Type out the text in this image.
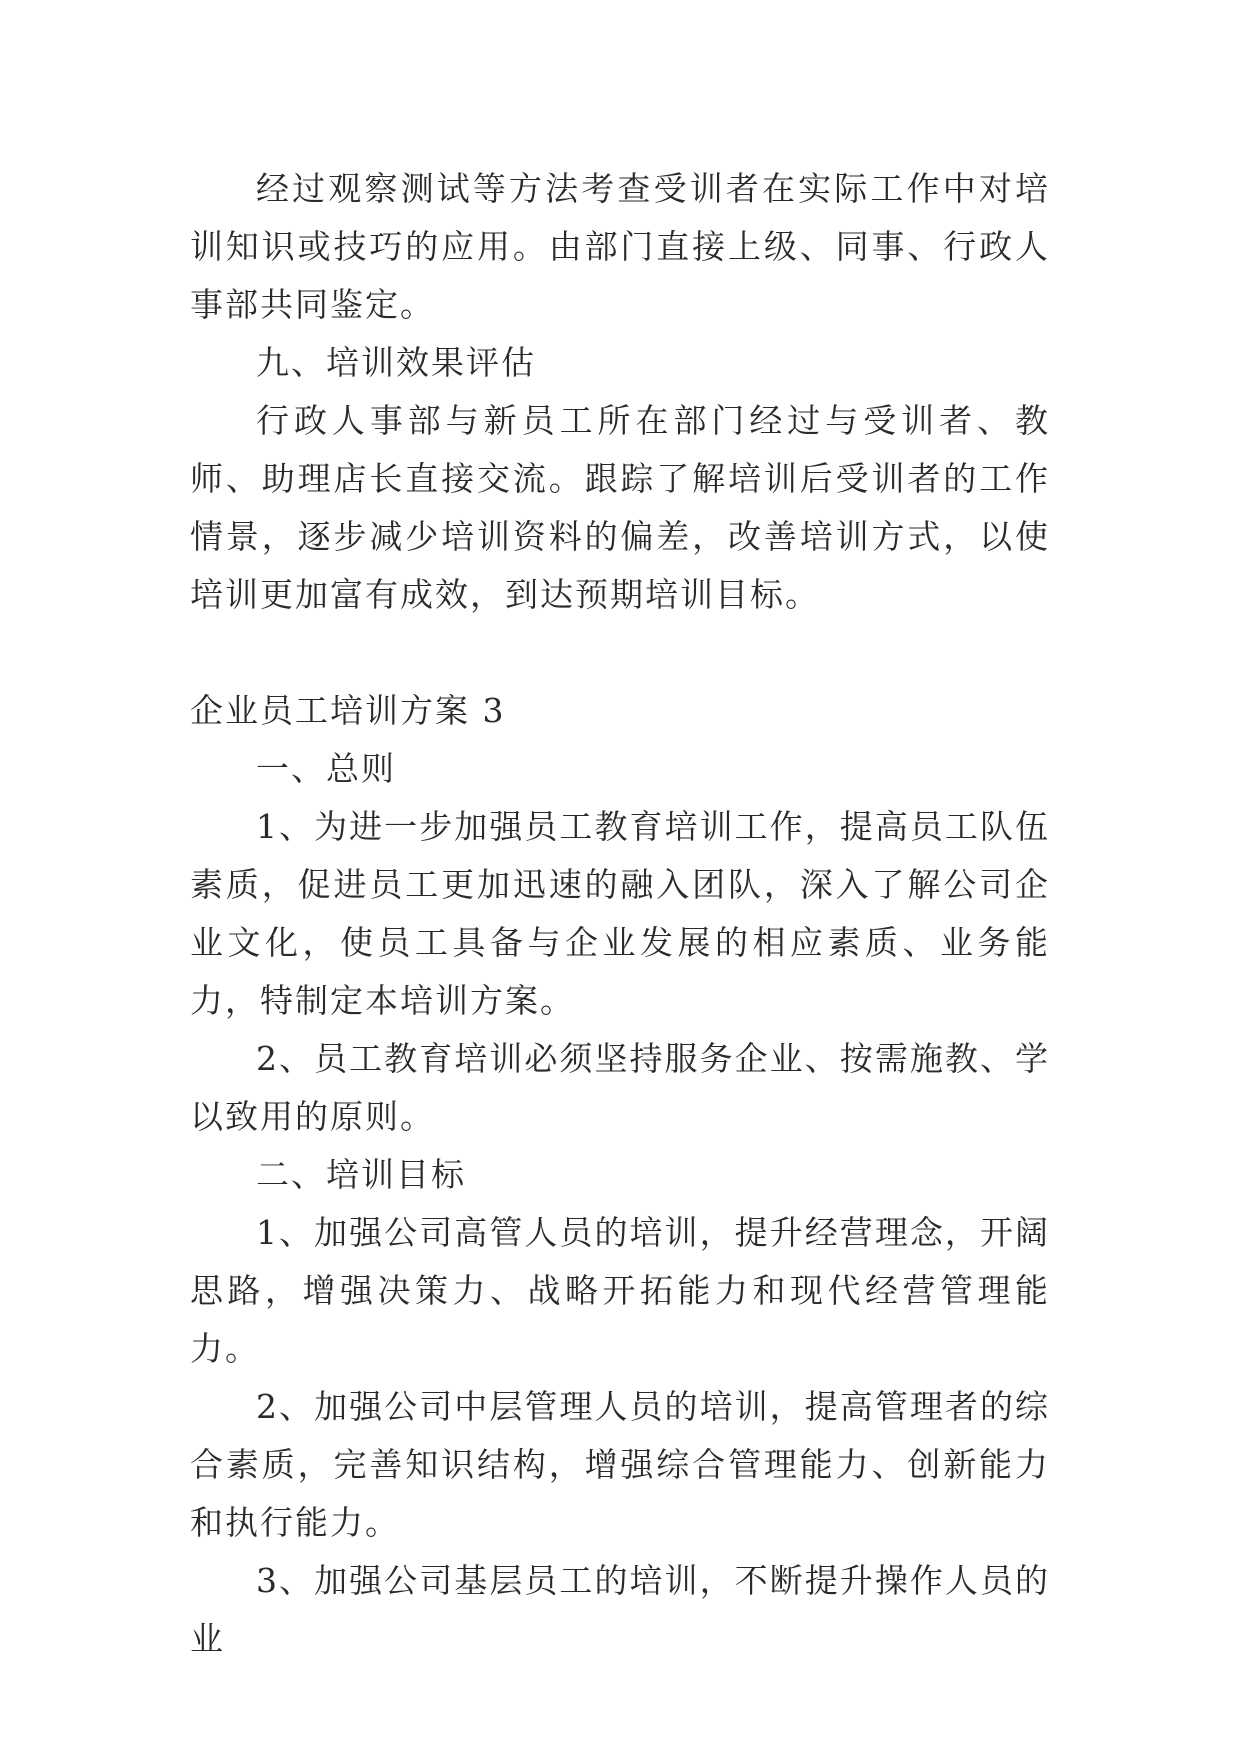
经过观察测试等方法考查受训者在实际工作中对培训知识或技巧的应用。由部门直接上级、同事、行政人事部共同鉴定。

九、培训效果评估

行政人事部与新员工所在部门经过与受训者、教师、助理店长直接交流。跟踪了解培训后受训者的工作情景，逐步减少培训资料的偏差，改善培训方式，以使培训更加富有成效，到达预期培训目标。

企业员工培训方案 3

一、总则

1、为进一步加强员工教育培训工作，提高员工队伍素质，促进员工更加迅速的融入团队，深入了解公司企业文化，使员工具备与企业发展的相应素质、业务能力，特制定本培训方案。

2、员工教育培训必须坚持服务企业、按需施教、学以致用的原则。

二、培训目标

1、加强公司高管人员的培训，提升经营理念，开阔思路，增强决策力、战略开拓能力和现代经营管理能力。

2、加强公司中层管理人员的培训，提高管理者的综合素质，完善知识结构，增强综合管理能力、创新能力和执行能力。

3、加强公司基层员工的培训，不断提升操作人员的业
